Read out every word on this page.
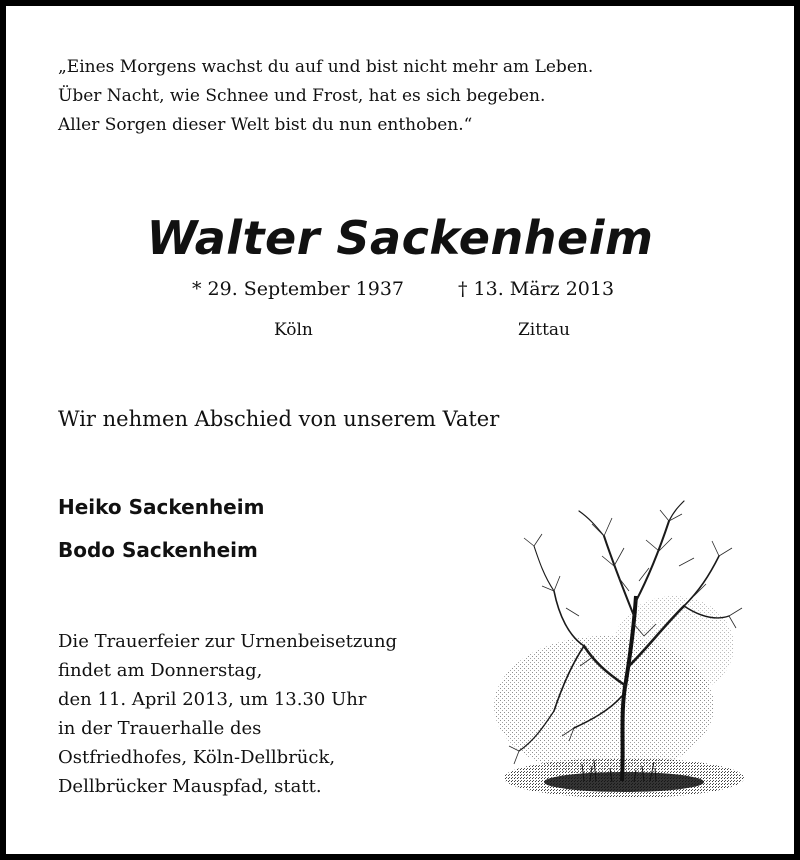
„Eines Morgens wachst du auf und bist nicht mehr am Leben.
Über Nacht, wie Schnee und Frost, hat es sich begeben.
Aller Sorgen dieser Welt bist du nun enthoben.“
Walter Sackenheim
* 29. September 1937	† 13. März 2013
Köln	Zittau
Wir nehmen Abschied von unserem Vater
Heiko Sackenheim
Bodo Sackenheim
Die Trauerfeier zur Urnenbeisetzung
findet am Donnerstag,
den 11. April 2013, um 13.30 Uhr
in der Trauerhalle des
Ostfriedhofes, Köln-Dellbrück,
Dellbrücker Mauspfad, statt.
